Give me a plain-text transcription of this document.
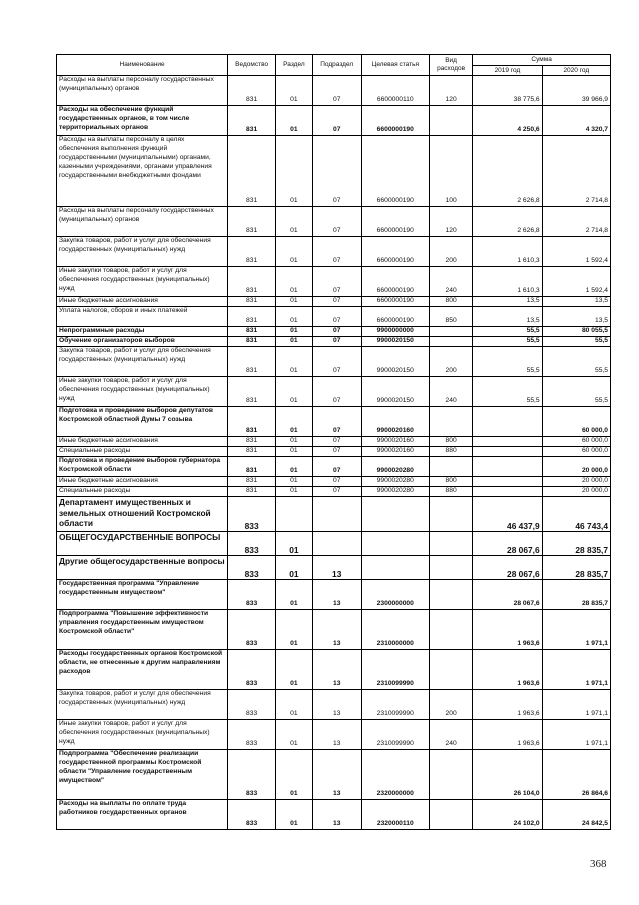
Наименование	Ведомство	Раздел	Подраздел	Целевая статья	Вид расходов	Сумма	
						2019 год	2020 год
Расходы на выплаты персоналу государственных (муниципальных) органов	831	01	07	6600000110	120	38 775,6	39 966,9
Расходы на обеспечение функций государственных органов, в том числе территориальных органов	831	01	07	6600000190		4 250,6	4 320,7
Расходы на выплаты персоналу в целях обеспечения выполнения функций государственными (муниципальными) органами, казенными учреждениями, органами управления государственными внебюджетными фондами	831	01	07	6600000190	100	2 626,8	2 714,8
Расходы на выплаты персоналу государственных (муниципальных) органов	831	01	07	6600000190	120	2 626,8	2 714,8
Закупка товаров, работ и услуг для обеспечения государственных (муниципальных) нужд	831	01	07	6600000190	200	1 610,3	1 592,4
Иные закупки товаров, работ и услуг для обеспечения государственных (муниципальных) нужд	831	01	07	6600000190	240	1 610,3	1 592,4
Иные бюджетные ассигнования	831	01	07	6600000190	800	13,5	13,5
Уплата налогов, сборов и иных платежей	831	01	07	6600000190	850	13,5	13,5
Непрограммные расходы	831	01	07	9900000000		55,5	80 055,5
Обучение организаторов выборов	831	01	07	9900020150		55,5	55,5
Закупка товаров, работ и услуг для обеспечения государственных (муниципальных) нужд	831	01	07	9900020150	200	55,5	55,5
Иные закупки товаров, работ и услуг для обеспечения государственных (муниципальных) нужд	831	01	07	9900020150	240	55,5	55,5
Подготовка и проведение выборов депутатов Костромской областной Думы 7 созыва	831	01	07	9900020160			60 000,0
Иные бюджетные ассигнования	831	01	07	9900020160	800		60 000,0
Специальные расходы	831	01	07	9900020160	880		60 000,0
Подготовка и проведение выборов губернатора Костромской области	831	01	07	9900020280			20 000,0
Иные бюджетные ассигнования	831	01	07	9900020280	800		20 000,0
Специальные расходы	831	01	07	9900020280	880		20 000,0
Департамент имущественных и земельных отношений Костромской области	833					46 437,9	46 743,4
ОБЩЕГОСУДАРСТВЕННЫЕ ВОПРОСЫ	833	01				28 067,6	28 835,7
Другие общегосударственные вопросы	833	01	13			28 067,6	28 835,7
Государственная программа "Управление государственным имуществом"	833	01	13	2300000000		28 067,6	28 835,7
Подпрограмма "Повышение эффективности управления государственным имуществом Костромской области"	833	01	13	2310000000		1 963,6	1 971,1
Расходы государственных органов Костромской области, не отнесенные к другим направлениям расходов	833	01	13	2310099990		1 963,6	1 971,1
Закупка товаров, работ и услуг для обеспечения государственных (муниципальных) нужд	833	01	13	2310099990	200	1 963,6	1 971,1
Иные закупки товаров, работ и услуг для обеспечения государственных (муниципальных) нужд	833	01	13	2310099990	240	1 963,6	1 971,1
Подпрограмма "Обеспечение реализации государственной программы Костромской области "Управление государственным имуществом"	833	01	13	2320000000		26 104,0	26 864,6
Расходы на выплаты по оплате труда работников государственных органов	833	01	13	2320000110		24 102,0	24 842,5
368
